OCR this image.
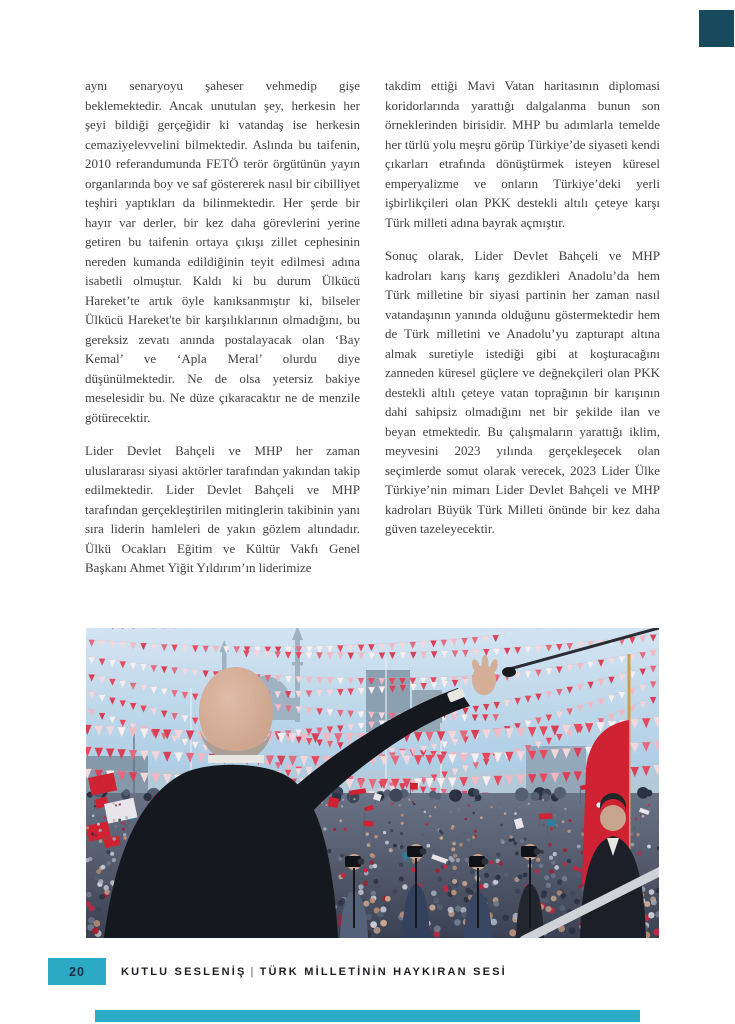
aynı senaryoyu şaheser vehmedip gişe beklemektedir. Ancak unutulan şey, herkesin her şeyi bildiği gerçeğidir ki vatandaş ise herkesin cemaziyelevvelini bilmektedir. Aslında bu taifenin, 2010 referandumunda FETÖ terör örgütünün yayın organlarında boy ve saf göstererek nasıl bir cibilliyet teşhiri yaptıkları da bilinmektedir. Her şerde bir hayır var derler, bir kez daha görevlerini yerine getiren bu taifenin ortaya çıkışı zillet cephesinin nereden kumanda edildiğinin teyit edilmesi adına isabetli olmuştur. Kaldı ki bu durum Ülkücü Hareket’te artık öyle kanıksanmıştır ki, bilseler Ülkücü Hareket'te bir karşılıklarının olmadığını, bu gereksiz zevatı anında postalayacak olan ‘Bay Kemal’ ve ‘Apla Meral’ olurdu diye düşünülmektedir. Ne de olsa yetersiz bakiye meselesidir bu. Ne düze çıkaracaktır ne de menzile götürecektir.

Lider Devlet Bahçeli ve MHP her zaman uluslararası siyasi aktörler tarafından yakından takip edilmektedir. Lider Devlet Bahçeli ve MHP tarafından gerçekleştirilen mitinglerin takibinin yanı sıra liderin hamleleri de yakın gözlem altındadır. Ülkü Ocakları Eğitim ve Kültür Vakfı Genel Başkanı Ahmet Yiğit Yıldırım’ın liderimize

takdim ettiği Mavi Vatan haritasının diplomasi koridorlarında yarattığı dalgalanma bunun son örneklerinden birisidir. MHP bu adımlarla temelde her türlü yolu meşru görüp Türkiye’de siyaseti kendi çıkarları etrafında dönüştürmek isteyen küresel emperyalizme ve onların Türkiye’deki yerli işbirlikçileri olan PKK destekli altılı çeteye karşı Türk milleti adına bayrak açmıştır.

Sonuç olarak, Lider Devlet Bahçeli ve MHP kadroları karış karış gezdikleri Anadolu’da hem Türk milletine bir siyasi partinin her zaman nasıl vatandaşının yanında olduğunu göstermektedir hem de Türk milletini ve Anadolu’yu zapturapt altına almak suretiyle istediği gibi at koşturacağını zanneden küresel güçlere ve değnekçileri olan PKK destekli altılı çeteye vatan toprağının bir karışının dahi sahipsiz olmadığını net bir şekilde ilan ve beyan etmektedir. Bu çalışmaların yarattığı iklim, meyvesini 2023 yılında gerçekleşecek olan seçimlerde somut olarak verecek, 2023 Lider Ülke Türkiye’nin mimarı Lider Devlet Bahçeli ve MHP kadroları Büyük Türk Milleti önünde bir kez daha güven tazeleyecektir.

20	KUTLU SESLENİŞ | TÜRK MİLLETİNİN HAYKIRAN SESİ
